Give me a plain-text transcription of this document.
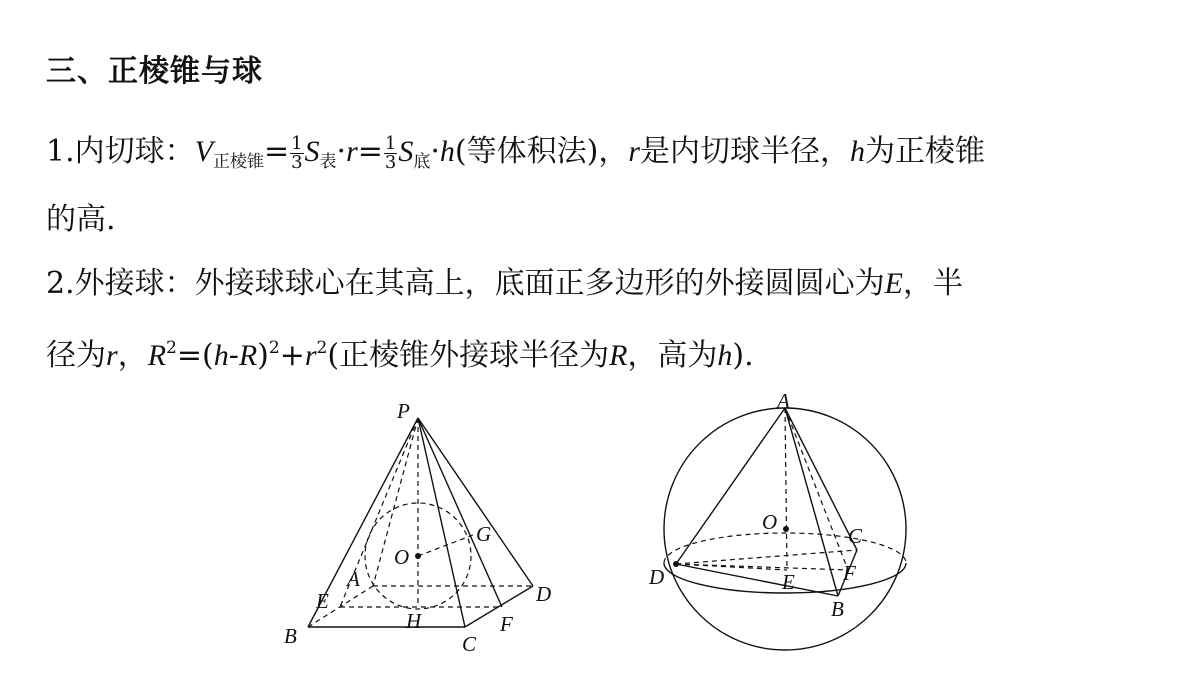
三、正棱锥与球
1.内切球：$V_{正棱锥}= \frac{1}{3} S_表\cdot r= \frac{1}{3} S_底\cdot h$(等体积法)，r是内切球半径，h为正棱锥
的高.
2.外接球：外接球球心在其高上，底面正多边形的外接圆圆心为E，半
径为r，$R^2=(h-R)^2+r^2$(正棱锥外接球半径为R，高为h).
P
G
O
A
E	D
B
H	F
C
A
O
C
D	F
E
B
